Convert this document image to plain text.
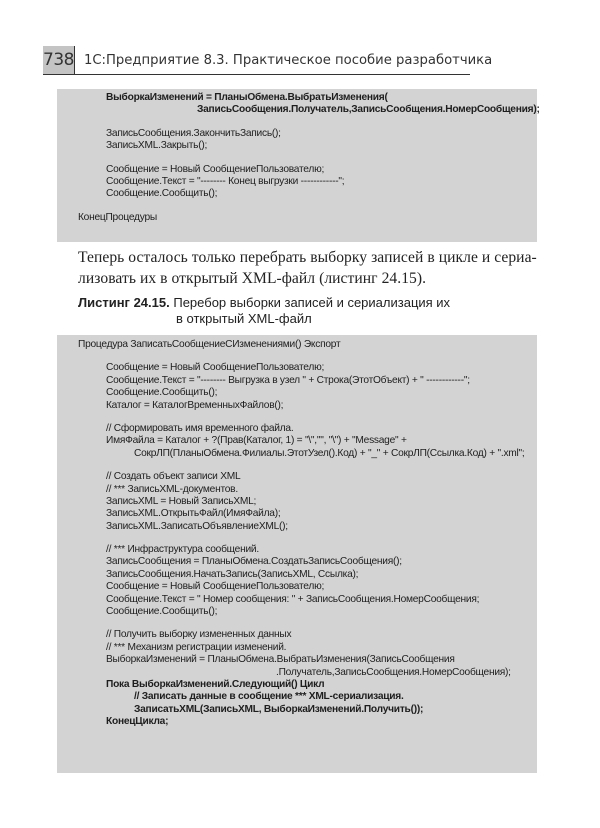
738 1С:Предприятие 8.3. Практическое пособие разработчика
ВыборкаИзменений = ПланыОбмена.ВыбратьИзменения(
ЗаписьСообщения.Получатель,ЗаписьСообщения.НомерСообщения);
ЗаписьСообщения.ЗакончитьЗапись();
ЗаписьXML.Закрыть();
Сообщение = Новый СообщениеПользователю;
Сообщение.Текст = "-------- Конец выгрузки ------------";
Сообщение.Сообщить();
КонецПроцедуры
Теперь осталось только перебрать выборку записей в цикле и сериа-
лизовать их в открытый XML-файл (листинг 24.15).
Листинг 24.15. Перебор выборки записей и сериализация их
в открытый XML-файл
Процедура ЗаписатьСообщениеСИзменениями() Экспорт
Сообщение = Новый СообщениеПользователю;
Сообщение.Текст = "-------- Выгрузка в узел " + Строка(ЭтотОбъект) + " ------------";
Сообщение.Сообщить();
Каталог = КаталогВременныхФайлов();
// Сформировать имя временного файла.
ИмяФайла = Каталог + ?(Прав(Каталог, 1) = "\","", "\") + "Message" +
СокрЛП(ПланыОбмена.Филиалы.ЭтотУзел().Код) + "_" + СокрЛП(Ссылка.Код) + ".xml";
// Создать объект записи XML
// *** ЗаписьXML-документов.
ЗаписьXML = Новый ЗаписьXML;
ЗаписьXML.ОткрытьФайл(ИмяФайла);
ЗаписьXML.ЗаписатьОбъявлениеXML();
// *** Инфраструктура сообщений.
ЗаписьСообщения = ПланыОбмена.СоздатьЗаписьСообщения();
ЗаписьСообщения.НачатьЗапись(ЗаписьXML, Ссылка);
Сообщение = Новый СообщениеПользователю;
Сообщение.Текст = " Номер сообщения: " + ЗаписьСообщения.НомерСообщения;
Сообщение.Сообщить();
// Получить выборку измененных данных
// *** Механизм регистрации изменений.
ВыборкаИзменений = ПланыОбмена.ВыбратьИзменения(ЗаписьСообщения
.Получатель,ЗаписьСообщения.НомерСообщения);
Пока ВыборкаИзменений.Следующий() Цикл
// Записать данные в сообщение *** XML-сериализация.
ЗаписатьXML(ЗаписьXML, ВыборкаИзменений.Получить());
КонецЦикла;
